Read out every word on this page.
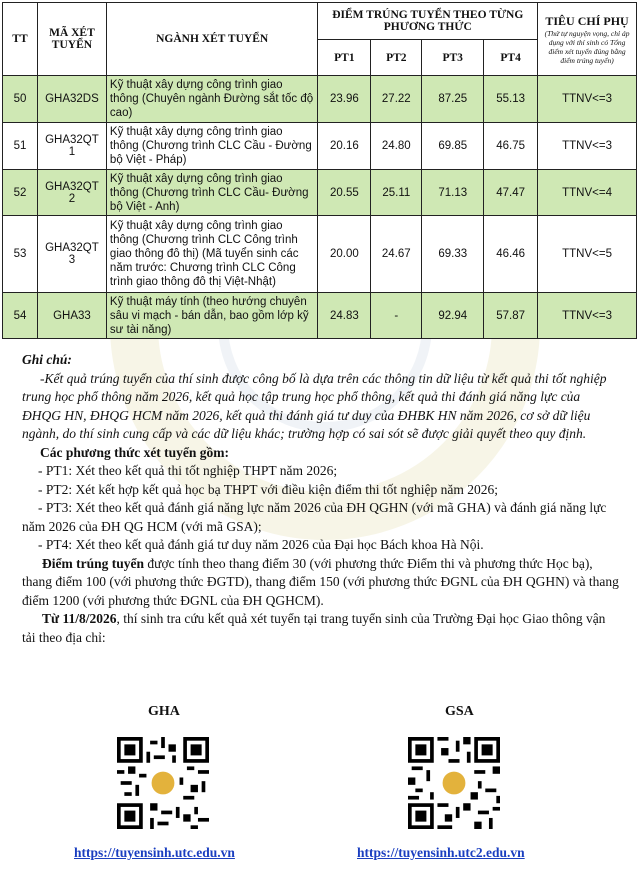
TT	MÃ XÉT TUYỂN	NGÀNH XÉT TUYỂN	ĐIỂM TRÚNG TUYỂN THEO TỪNG PHƯƠNG THỨC				TIÊU CHÍ PHỤ
(Thứ tự nguyện vọng, chỉ áp dụng với thí sinh có Tổng điểm xét tuyển đúng bằng điểm trúng tuyển)

			PT1	PT2	PT3	PT4	
50	GHA32DS	Kỹ thuật xây dựng công trình giao thông (Chuyên ngành Đường sắt tốc độ cao)	23.96	27.22	87.25	55.13	TTNV<=3
51	GHA32QT 1	Kỹ thuật xây dựng công trình giao thông (Chương trình CLC Cầu - Đường bộ Việt - Pháp)	20.16	24.80	69.85	46.75	TTNV<=3
52	GHA32QT 2	Kỹ thuật xây dựng công trình giao thông (Chương trình CLC Cầu- Đường bộ Việt - Anh)	20.55	25.11	71.13	47.47	TTNV<=4
53	GHA32QT 3	Kỹ thuật xây dựng công trình giao thông (Chương trình CLC Công trình giao thông đô thị) (Mã tuyển sinh các năm trước: Chương trình CLC Công trình giao thông đô thị Việt-Nhật)	20.00	24.67	69.33	46.46	TTNV<=5
54	GHA33	Kỹ thuật máy tính (theo hướng chuyên sâu vi mạch - bán dẫn, bao gồm lớp kỹ sư tài năng)	24.83	-	92.94	57.87	TTNV<=3

Ghi chú:

-Kết quả trúng tuyển của thí sinh được công bố là dựa trên các thông tin dữ liệu từ kết quả thi tốt nghiệp trung học phổ thông năm 2026, kết quả học tập trung học phổ thông, kết quả thi đánh giá năng lực của ĐHQG HN, ĐHQG HCM năm 2026, kết quả thi đánh giá tư duy của ĐHBK HN năm 2026, cơ sở dữ liệu ngành, do thí sinh cung cấp và các dữ liệu khác; trường hợp có sai sót sẽ được giải quyết theo quy định.

Các phương thức xét tuyển gồm:

- PT1: Xét theo kết quả thi tốt nghiệp THPT năm 2026;

- PT2: Xét kết hợp kết quả học bạ THPT với điều kiện điểm thi tốt nghiệp năm 2026;

- PT3: Xét theo kết quả đánh giá năng lực năm 2026 của ĐH QGHN (với mã GHA) và đánh giá năng lực năm 2026 của ĐH QG HCM (với mã GSA);

- PT4: Xét theo kết quả đánh giá tư duy năm 2026 của Đại học Bách khoa Hà Nội.

Điểm trúng tuyển được tính theo thang điểm 30 (với phương thức Điểm thi và phương thức Học bạ), thang điểm 100 (với phương thức ĐGTD), thang điểm 150 (với phương thức ĐGNL của ĐH QGHN) và thang điểm 1200 (với phương thức ĐGNL của ĐH QGHCM).

Từ 11/8/2026, thí sinh tra cứu kết quả xét tuyển tại trang tuyển sinh của Trường Đại học Giao thông vận tải theo địa chỉ:

GHA	GSA
https://tuyensinh.utc.edu.vn	https://tuyensinh.utc2.edu.vn
